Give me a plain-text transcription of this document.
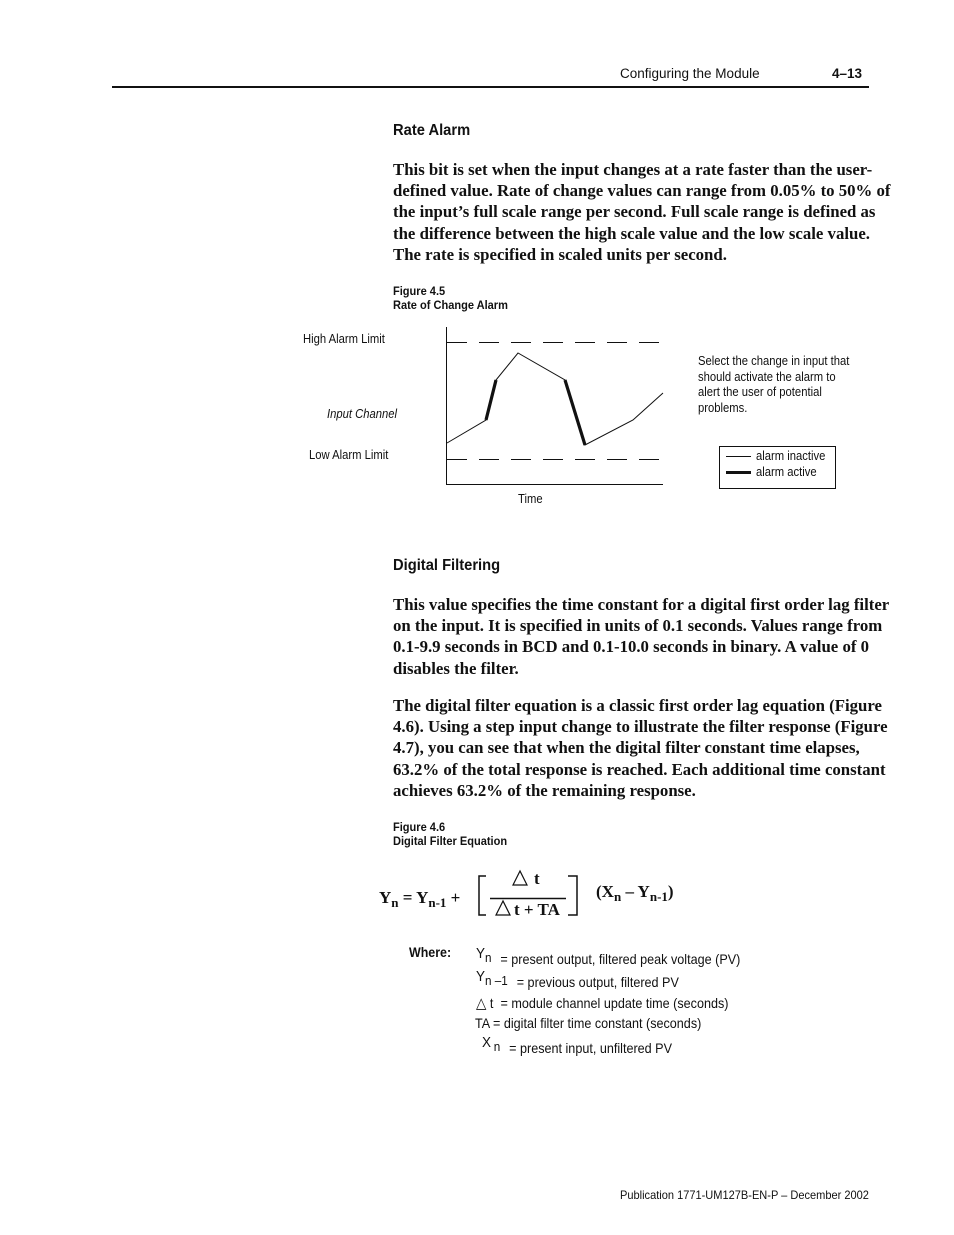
Configuring the Module	4–13
Rate Alarm
This bit is set when the input changes at a rate faster than the user-defined value. Rate of change values can range from 0.05% to 50% of the input’s full scale range per second. Full scale range is defined as the difference between the high scale value and the low scale value. The rate is specified in scaled units per second.
Figure 4.5
Rate of Change Alarm
High Alarm Limit
Input Channel
Low Alarm Limit
Time
Select the change in input that should activate the alarm to alert the user of potential problems.
alarm inactive
alarm active
Digital Filtering
This value specifies the time constant for a digital first order lag filter on the input. It is specified in units of 0.1 seconds. Values range from 0.1-9.9 seconds in BCD and 0.1-10.0 seconds in binary. A value of 0 disables the filter.
The digital filter equation is a classic first order lag equation (Figure 4.6). Using a step input change to illustrate the filter response (Figure 4.7), you can see that when the digital filter constant time elapses, 63.2% of the total response is reached. Each additional time constant achieves 63.2% of the remaining response.
Figure 4.6
Digital Filter Equation
$Y_n = Y_{n-1}$ +
t
t + TA
$(X_n - Y_{n-1})$
Where: Yn = present output, filtered peak voltage (PV)
Yn –1 = previous output, filtered PV
△ t = module channel update time (seconds)
TA = digital filter time constant (seconds)
X n = present input, unfiltered PV
Publication 1771-UM127B-EN-P – December 2002
